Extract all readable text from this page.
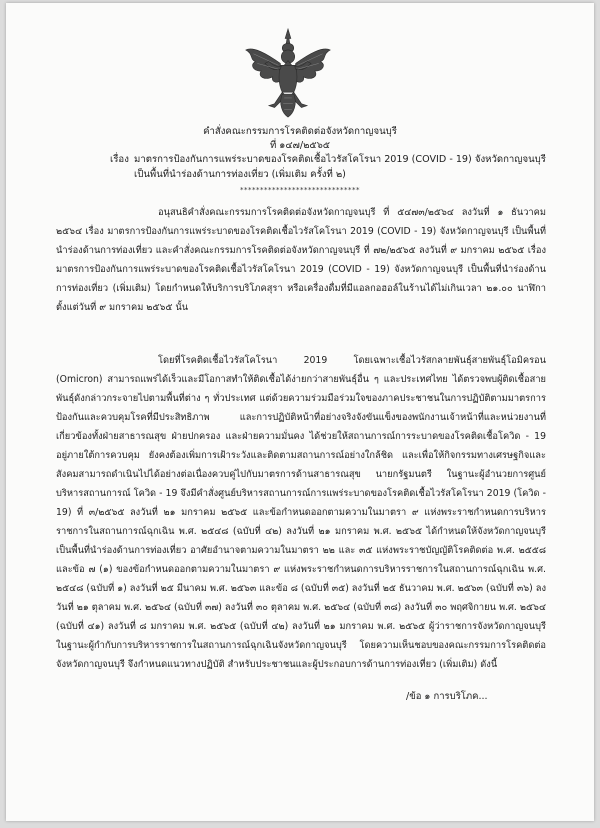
คำสั่งคณะกรรมการโรคติดต่อจังหวัดกาญจนบุรี
ที่ ๑๔๗/๒๕๖๕
เรื่อง มาตรการป้องกันการแพร่ระบาดของโรคติดเชื้อไวรัสโคโรนา 2019 (COVID - 19) จังหวัดกาญจนบุรี
เป็นพื้นที่นำร่องด้านการท่องเที่ยว (เพิ่มเติม ครั้งที่ ๒)
******************************

อนุสนธิคำสั่งคณะกรรมการโรคติดต่อจังหวัดกาญจนบุรี ที่ ๕๔๗๓/๒๕๖๔ ลงวันที่ ๑ ธันวาคม ๒๕๖๔ เรื่อง มาตรการป้องกันการแพร่ระบาดของโรคติดเชื้อไวรัสโคโรนา 2019 (COVID - 19) จังหวัดกาญจนบุรี เป็นพื้นที่นำร่องด้านการท่องเที่ยว และคำสั่งคณะกรรมการโรคติดต่อจังหวัดกาญจนบุรี ที่ ๗๒/๒๕๖๕ ลงวันที่ ๙ มกราคม ๒๕๖๕ เรื่อง มาตรการป้องกันการแพร่ระบาดของโรคติดเชื้อไวรัสโคโรนา 2019 (COVID - 19) จังหวัดกาญจนบุรี เป็นพื้นที่นำร่องด้านการท่องเที่ยว (เพิ่มเติม) โดยกำหนดให้บริการบริโภคสุรา หรือเครื่องดื่มที่มีแอลกอฮอล์ในร้านได้ไม่เกินเวลา ๒๑.๐๐ นาฬิกา ตั้งแต่วันที่ ๙ มกราคม ๒๕๖๕ นั้น

โดยที่โรคติดเชื้อไวรัสโคโรนา 2019 โดยเฉพาะเชื้อไวรัสกลายพันธุ์สายพันธุ์โอมิครอน (Omicron) สามารถแพร่ได้เร็วและมีโอกาสทำให้ติดเชื้อได้ง่ายกว่าสายพันธุ์อื่น ๆ และประเทศไทย ได้ตรวจพบผู้ติดเชื้อสายพันธุ์ดังกล่าวกระจายไปตามพื้นที่ต่าง ๆ ทั่วประเทศ แต่ด้วยความร่วมมือร่วมใจของภาคประชาชนในการปฏิบัติตามมาตรการป้องกันและควบคุมโรคที่มีประสิทธิภาพ และการปฏิบัติหน้าที่อย่างจริงจังขันแข็งของพนักงานเจ้าหน้าที่และหน่วยงานที่เกี่ยวข้องทั้งฝ่ายสาธารณสุข ฝ่ายปกครอง และฝ่ายความมั่นคง ได้ช่วยให้สถานการณ์การระบาดของโรคติดเชื้อโควิด - 19 อยู่ภายใต้การควบคุม ยังคงต้องเพิ่มการเฝ้าระวังและติดตามสถานการณ์อย่างใกล้ชิด และเพื่อให้กิจกรรมทางเศรษฐกิจและสังคมสามารถดำเนินไปได้อย่างต่อเนื่องควบคู่ไปกับมาตรการด้านสาธารณสุข นายกรัฐมนตรี ในฐานะผู้อำนวยการศูนย์บริหารสถานการณ์ โควิด - 19 จึงมีคำสั่งศูนย์บริหารสถานการณ์การแพร่ระบาดของโรคติดเชื้อไวรัสโคโรนา 2019 (โควิด - 19) ที่ ๓/๒๕๖๕ ลงวันที่ ๒๑ มกราคม ๒๕๖๕ และข้อกำหนดออกตามความในมาตรา ๙ แห่งพระราชกำหนดการบริหารราชการในสถานการณ์ฉุกเฉิน พ.ศ. ๒๕๔๘ (ฉบับที่ ๔๒) ลงวันที่ ๒๑ มกราคม พ.ศ. ๒๕๖๕ ได้กำหนดให้จังหวัดกาญจนบุรี เป็นพื้นที่นำร่องด้านการท่องเที่ยว อาศัยอำนาจตามความในมาตรา ๒๒ และ ๓๕ แห่งพระราชบัญญัติโรคติดต่อ พ.ศ. ๒๕๕๘ และข้อ ๗ (๑) ของข้อกำหนดออกตามความในมาตรา ๙ แห่งพระราชกำหนดการบริหารราชการในสถานการณ์ฉุกเฉิน พ.ศ. ๒๕๔๘ (ฉบับที่ ๑) ลงวันที่ ๒๕ มีนาคม พ.ศ. ๒๕๖๓ และข้อ ๘ (ฉบับที่ ๓๕) ลงวันที่ ๒๕ ธันวาคม พ.ศ. ๒๕๖๓ (ฉบับที่ ๓๖) ลงวันที่ ๒๑ ตุลาคม พ.ศ. ๒๕๖๔ (ฉบับที่ ๓๗) ลงวันที่ ๓๐ ตุลาคม พ.ศ. ๒๕๖๔ (ฉบับที่ ๓๘) ลงวันที่ ๓๐ พฤศจิกายน พ.ศ. ๒๕๖๔ (ฉบับที่ ๔๑) ลงวันที่ ๘ มกราคม พ.ศ. ๒๕๖๕ (ฉบับที่ ๔๒) ลงวันที่ ๒๑ มกราคม พ.ศ. ๒๕๖๕ ผู้ว่าราชการจังหวัดกาญจนบุรี ในฐานะผู้กำกับการบริหารราชการในสถานการณ์ฉุกเฉินจังหวัดกาญจนบุรี โดยความเห็นชอบของคณะกรรมการโรคติดต่อจังหวัดกาญจนบุรี จึงกำหนดแนวทางปฏิบัติ สำหรับประชาชนและผู้ประกอบการด้านการท่องเที่ยว (เพิ่มเติม) ดังนี้

/ข้อ ๑ การบริโภค...
